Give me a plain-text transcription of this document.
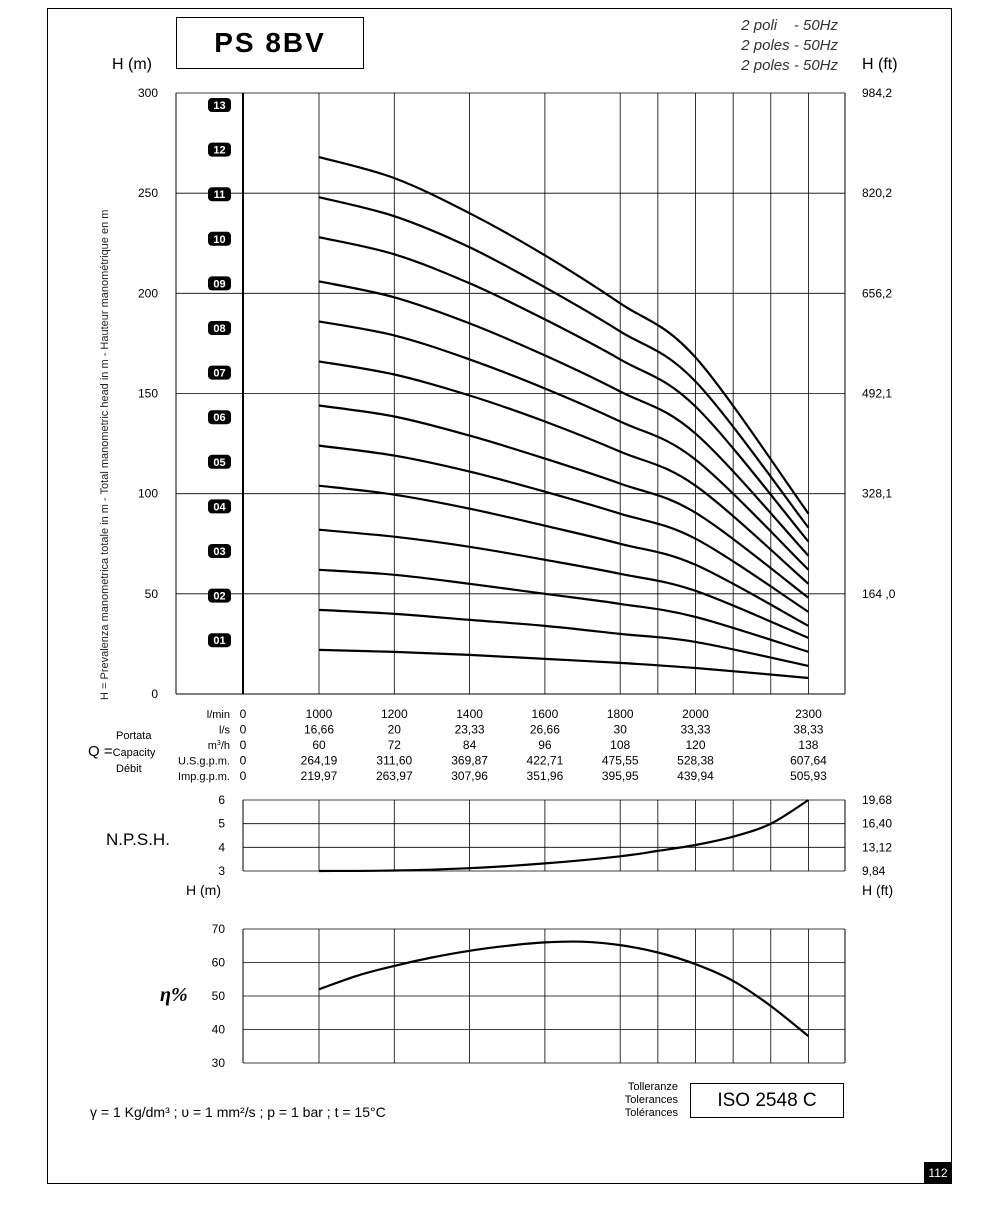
PS 8BV
2 poli    - 50Hz
2 poles - 50Hz
2 poles - 50Hz
H (m)	H (ft)
H = Prevalenza manometrica totale in m - Total manometric head in m - Hauteur manométrique en m
Portata
Q =Capacity
Débit
N.P.S.H.
H (m)	H (ft)
η%
0
50
100
150
200
250
300
164 ,0
328,1
492,1
656,2
820,2
984,2
13
12
11
10
09
08
07
06
05
04
03
02
01
l/min 0	1000	1200	1400	1600	1800	2000	2300
l/s 0	16,66	20	23,33	26,66	30	33,33	38,33
$m^3/h$ 0	60	72	84	96	108	120	138
U.S.g.p.m. 0	264,19	311,60	369,87	422,71	475,55	528,38	607,64
Imp.g.p.m. 0	219,97	263,97	307,96	351,96	395,95	439,94	505,93
3	9,84
4	13,12
5	16,40
6	19,68
30
40
50
60
70
γ = 1 Kg/dm³ ; υ = 1 mm²/s ; p = 1 bar ; t = 15°C
Tolleranze
Tolerances
Tolérances
ISO 2548 C
112
